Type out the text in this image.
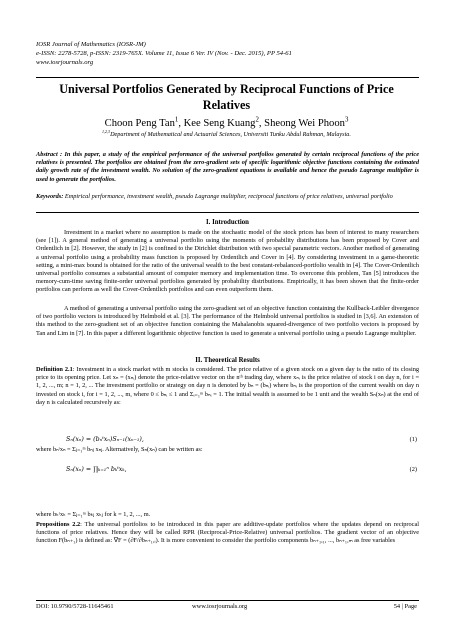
IOSR Journal of Mathematics (IOSR-JM)
e-ISSN: 2278-5728, p-ISSN: 2319-765X. Volume 11, Issue 6 Ver. IV (Nov. - Dec. 2015), PP 54-61
www.iosrjournals.org
Universal Portfolios Generated by Reciprocal Functions of Price Relatives
Choon Peng Tan$^1$, Kee Seng Kuang$^2$, Sheong Wei Phoon$^3$
$^{1,2,3}$Department of Mathematical and Actuarial Sciences, Universiti Tunku Abdul Rahman, Malaysia.
Abstract : In this paper, a study of the empirical performance of the universal portfolios generated by certain reciprocal functions of the price relatives is presented. The portfolios are obtained from the zero-gradient sets of specific logarithmic objective functions containing the estimated daily growth rate of the investment wealth. No solution of the zero-gradient equations is available and hence the pseudo Lagrange multiplier is used to generate the portfolios.
Keywords: Empirical performance, investment wealth, pseudo Lagrange multiplier, reciprocal functions of price relatives, universal portfolio
I. Introduction
Investment in a market where no assumption is made on the stochastic model of the stock prices has been of interest to many researchers (see [1]). A general method of generating a universal portfolio using the moments of probability distributions has been proposed by Cover and Ordentlich in [2]. However, the study in [2] is confined to the Dirichlet distribution with two special parametric vectors. Another method of generating a universal portfolio using a probability mass function is proposed by Ordentlich and Cover in [4]. By considering investment in a game-theoretic setting, a mini-max bound is obtained for the ratio of the universal wealth to the best constant-rebalanced-portfolio wealth in [4]. The Cover-Ordentlich universal portfolio consumes a substantial amount of computer memory and implementation time. To overcome this problem, Tan [5] introduces the memory-cum-time saving finite-order universal portfolios generated by probability distributions. Empirically, it has been shown that the finite-order portfolios can perform as well the Cover-Ordentlich portfolios and can even outperform them.
A method of generating a universal portfolio using the zero-gradient set of an objective function containing the Kullback-Leibler divergence of two portfolio vectors is introduced by Helmbold et al. [3]. The performance of the Helmbold universal portfolios is studied in [3,6]. An extension of this method to the zero-gradient set of an objective function containing the Mahalanobis squared-divergence of two portfolio vectors is proposed by Tan and Lim in [7]. In this paper a different logarithmic objective function is used to generate a universal portfolio using a pseudo Lagrange multiplier.
II. Theoretical Results
Definition 2.1: Investment in a stock market with m stocks is considered. The price relative of a given stock on a given day is the ratio of its closing price to its opening price. Let xₙ = (xₙᵢ) denote the price-relative vector on the nᵗʰ trading day, where xₙᵢ is the price relative of stock i on day n, for i = 1, 2, ..., m; n = 1, 2, ... The investment portfolio or strategy on day n is denoted by bₙ = (bₙᵢ) where bₙᵢ is the proportion of the current wealth on day n invested on stock i, for i = 1, 2, ..., m, where 0 ≤ bₙᵢ ≤ 1 and Σᵢ₌₁ᵐ bₙᵢ = 1. The initial wealth is assumed to be 1 unit and the wealth Sₙ(xₙ) at the end of day n is calculated recursively as:
Sₙ(xₙ) = (bₙᵗxₙ)Sₙ₋₁(xₙ₋₁),	(1)
where bₙᵗxₙ = Σⱼ₌₁ᵐ bₙⱼ xₙⱼ. Alternatively, Sₙ(xₙ) can be written as:
Sₙ(xₙ) = ∏ₖ₌₁ⁿ bₖᵗxₖ,	(2)
where bₖᵗxₖ = Σⱼ₌₁ᵐ bₖⱼ xₖⱼ for k = 1, 2, ..., m.
Propositions 2.2: The universal portfolios to be introduced in this paper are additive-update portfolios where the updates depend on reciprocal functions of price relatives. Hence they will be called RPR (Reciprocal-Price-Relative) universal portfolios. The gradient vector of an objective function F(bₙ₊₁) is defined as: ∇F = (∂F/∂bₙ₊₁,ᵢ). It is more convenient to consider the portfolio components bₙ₊₁,₁, ..., bₙ₊₁,ₘ as free variables
DOI: 10.9790/5728-11645461	www.iosrjournals.org	54 | Page
